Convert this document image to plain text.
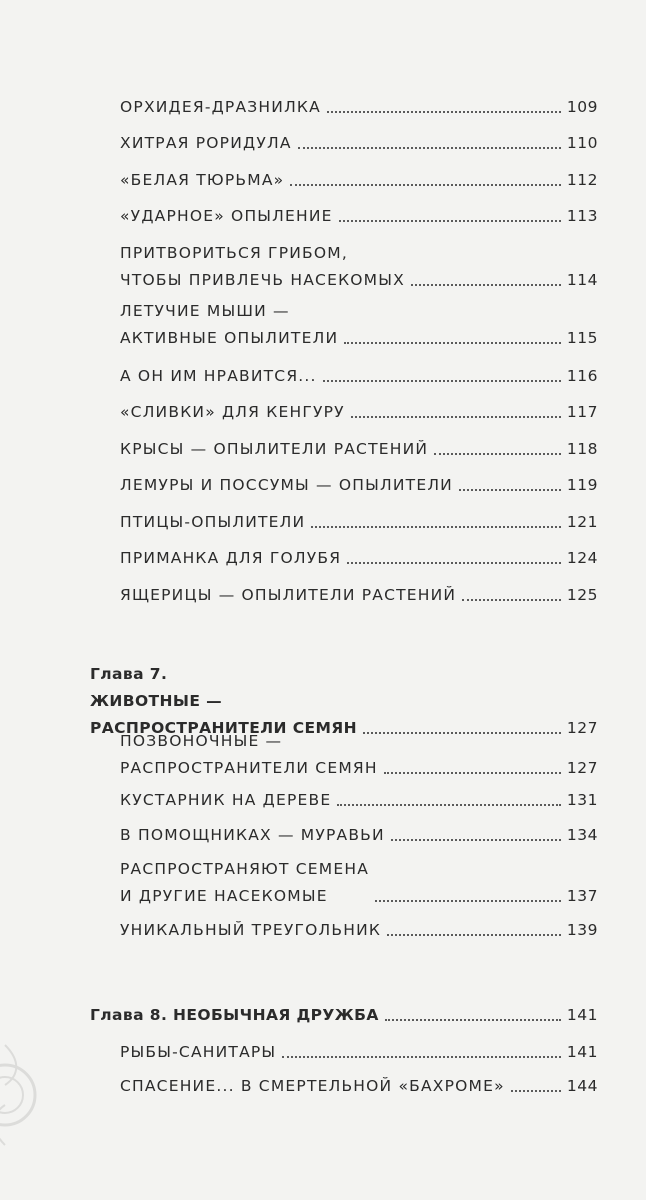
ОРХИДЕЯ-ДРАЗНИЛКА	109
ХИТРАЯ РОРИДУЛА	110
«БЕЛАЯ ТЮРЬМА»	112
«УДАРНОЕ» ОПЫЛЕНИЕ	113
ПРИТВОРИТЬСЯ ГРИБОМ,
ЧТОБЫ ПРИВЛЕЧЬ НАСЕКОМЫХ	114
ЛЕТУЧИЕ МЫШИ —
АКТИВНЫЕ ОПЫЛИТЕЛИ	115
А ОН ИМ НРАВИТСЯ...	116
«СЛИВКИ» ДЛЯ КЕНГУРУ	117
КРЫСЫ — ОПЫЛИТЕЛИ РАСТЕНИЙ	118
ЛЕМУРЫ И ПОССУМЫ — ОПЫЛИТЕЛИ	119
ПТИЦЫ-ОПЫЛИТЕЛИ	121
ПРИМАНКА ДЛЯ ГОЛУБЯ	124
ЯЩЕРИЦЫ — ОПЫЛИТЕЛИ РАСТЕНИЙ	125
Глава 7.
ЖИВОТНЫЕ —
РАСПРОСТРАНИТЕЛИ СЕМЯН	127
ПОЗВОНОЧНЫЕ —
РАСПРОСТРАНИТЕЛИ СЕМЯН	127
КУСТАРНИК НА ДЕРЕВЕ	131
В ПОМОЩНИКАХ — МУРАВЬИ	134
РАСПРОСТРАНЯЮТ СЕМЕНА
И ДРУГИЕ НАСЕКОМЫЕ	137
УНИКАЛЬНЫЙ ТРЕУГОЛЬНИК	139
Глава 8. НЕОБЫЧНАЯ ДРУЖБА	141
РЫБЫ-САНИТАРЫ	141
СПАСЕНИЕ... В СМЕРТЕЛЬНОЙ «БАХРОМЕ»	144
